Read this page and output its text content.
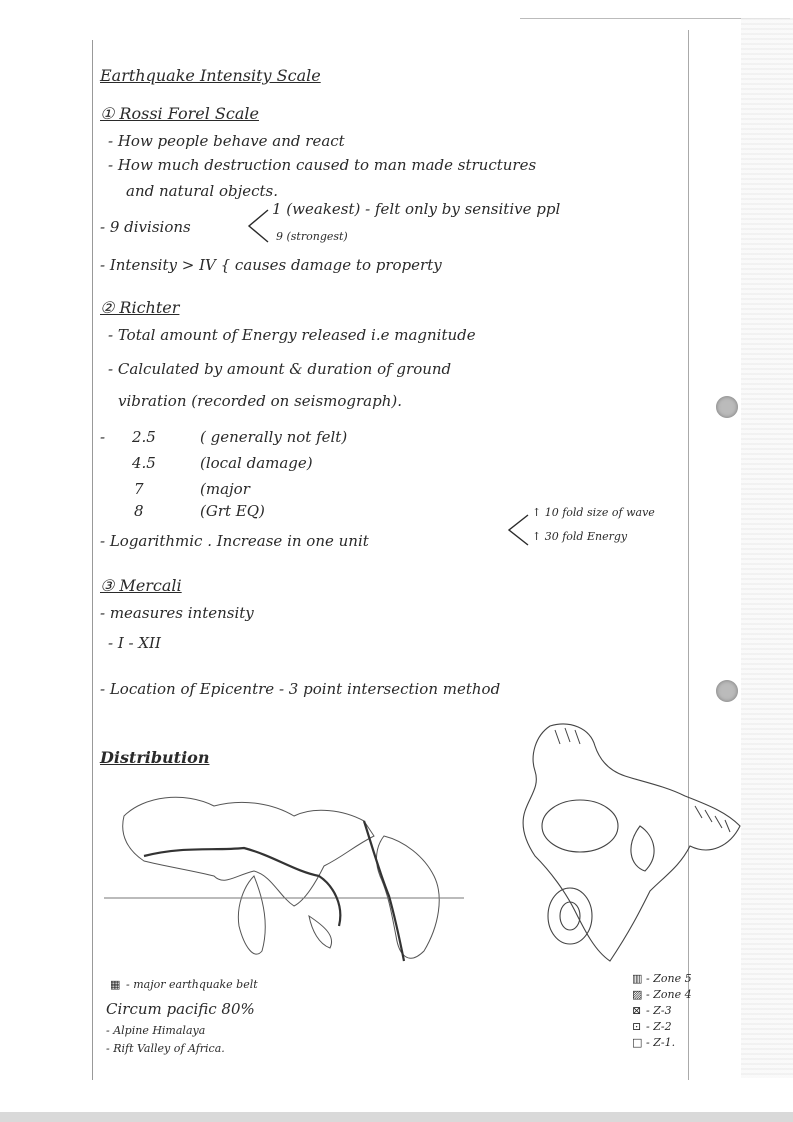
Earthquake Intensity Scale
① Rossi Forel Scale
- How people behave and react
- How much destruction caused to man made structures
and natural objects.
- 9 divisions
1 (weakest) - felt only by sensitive ppl
9 (strongest)
- Intensity > IV { causes damage to property
② Richter
- Total amount of Energy released i.e magnitude
- Calculated by amount & duration of ground
vibration (recorded on seismograph).
- 2.5	( generally not felt)
4.5	(local damage)
7	(major
8	(Grt EQ)
- Logarithmic . Increase in one unit
↑ 10 fold size of wave
↑ 30 fold Energy
③ Mercali
- measures intensity
- I - XII
- Location of Epicentre - 3 point intersection method
Distribution
▦ - major earthquake belt
Circum pacific 80%
- Alpine Himalaya
- Rift Valley of Africa.
▥ - Zone 5
▨ - Zone 4
⊠ - Z-3
⊡ - Z-2
□ - Z-1.
